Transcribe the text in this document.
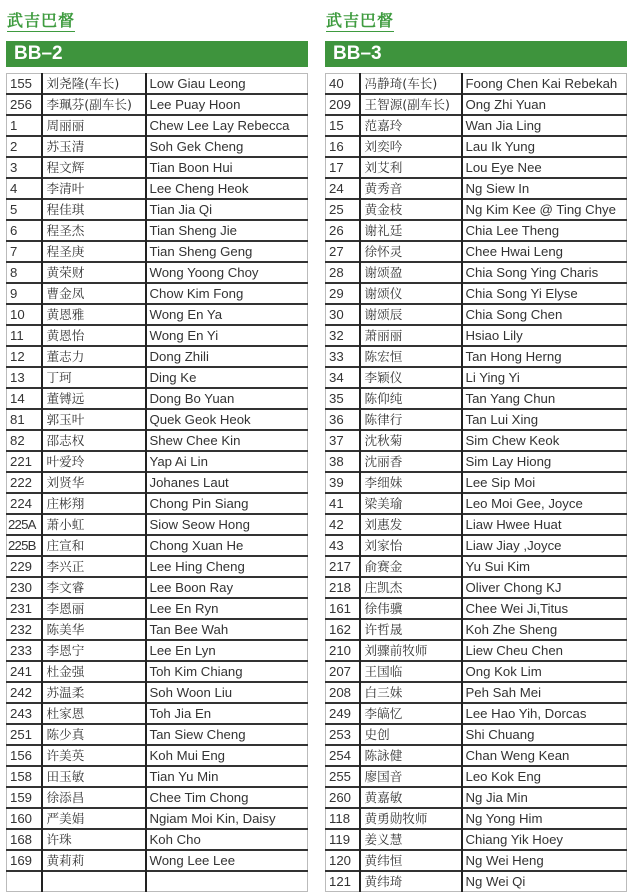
武吉巴督
BB–2
155	刘尧隆(车长)	Low Giau Leong
256	李珮芬(副车长)	Lee Puay Hoon
1	周丽丽	Chew Lee Lay Rebecca
2	苏玉清	Soh Gek Cheng
3	程文辉	Tian Boon Hui
4	李清叶	Lee Cheng Heok
5	程佳琪	Tian Jia Qi
6	程圣杰	Tian Sheng Jie
7	程圣庚	Tian Sheng Geng
8	黄荣财	Wong Yoong Choy
9	曹金凤	Chow Kim Fong
10	黄恩雅	Wong En Ya
11	黄恩怡	Wong En Yi
12	董志力	Dong Zhili
13	丁珂	Ding Ke
14	董镈远	Dong Bo Yuan
81	郭玉叶	Quek Geok Heok
82	邵志权	Shew Chee Kin
221	叶爱玲	Yap Ai Lin
222	刘贤华	Johanes Laut
224	庄彬翔	Chong Pin Siang
225A	萧小虹	Siow Seow Hong
225B	庄宣和	Chong Xuan He
229	李兴正	Lee Hing Cheng
230	李文睿	Lee Boon Ray
231	李恩丽	Lee En Ryn
232	陈美华	Tan Bee Wah
233	李恩宁	Lee En Lyn
241	杜金强	Toh Kim Chiang
242	苏温柔	Soh Woon Liu
243	杜家恩	Toh Jia En
251	陈少真	Tan Siew Cheng
156	许美英	Koh Mui Eng
158	田玉敏	Tian Yu Min
159	徐添昌	Chee Tim Chong
160	严美娟	Ngiam Moi Kin, Daisy
168	许珠	Koh Cho
169	黄莉莉	Wong Lee Lee

武吉巴督
BB–3
40	冯静琦(车长)	Foong Chen Kai Rebekah
209	王智源(副车长)	Ong Zhi Yuan
15	范嘉玲	Wan Jia Ling
16	刘奕吟	Lau Ik Yung
17	刘艾利	Lou Eye Nee
24	黄秀音	Ng Siew In
25	黄金枝	Ng Kim Kee @ Ting Chye
26	谢礼廷	Chia Lee Theng
27	徐怀灵	Chee Hwai Leng
28	谢颂盈	Chia Song Ying Charis
29	谢颂仪	Chia Song Yi Elyse
30	谢颂辰	Chia Song Chen
32	萧丽丽	Hsiao Lily
33	陈宏恒	Tan Hong Herng
34	李颖仪	Li Ying Yi
35	陈仰纯	Tan Yang Chun
36	陈律行	Tan Lui Xing
37	沈秋菊	Sim Chew Keok
38	沈丽香	Sim Lay Hiong
39	李细妹	Lee Sip Moi
41	梁美瑜	Leo Moi Gee, Joyce
42	刘惠发	Liaw Hwee Huat
43	刘家怡	Liaw Jiay ,Joyce
217	俞赛金	Yu Sui Kim
218	庄凯杰	Oliver Chong KJ
161	徐伟骥	Chee Wei Ji,Titus
162	许哲晟	Koh Zhe Sheng
210	刘骤前牧师	Liew Cheu Chen
207	王国临	Ong Kok Lim
208	白三妹	Peh Sah Mei
249	李皜忆	Lee Hao Yih, Dorcas
253	史创	Shi Chuang
254	陈詠健	Chan Weng Kean
255	廖国音	Leo Kok Eng
260	黄嘉敏	Ng Jia Min
118	黄勇勋牧师	Ng Yong Him
119	姜义慧	Chiang Yik Hoey
120	黄纬恒	Ng Wei Heng
121	黄纬琦	Ng Wei Qi
